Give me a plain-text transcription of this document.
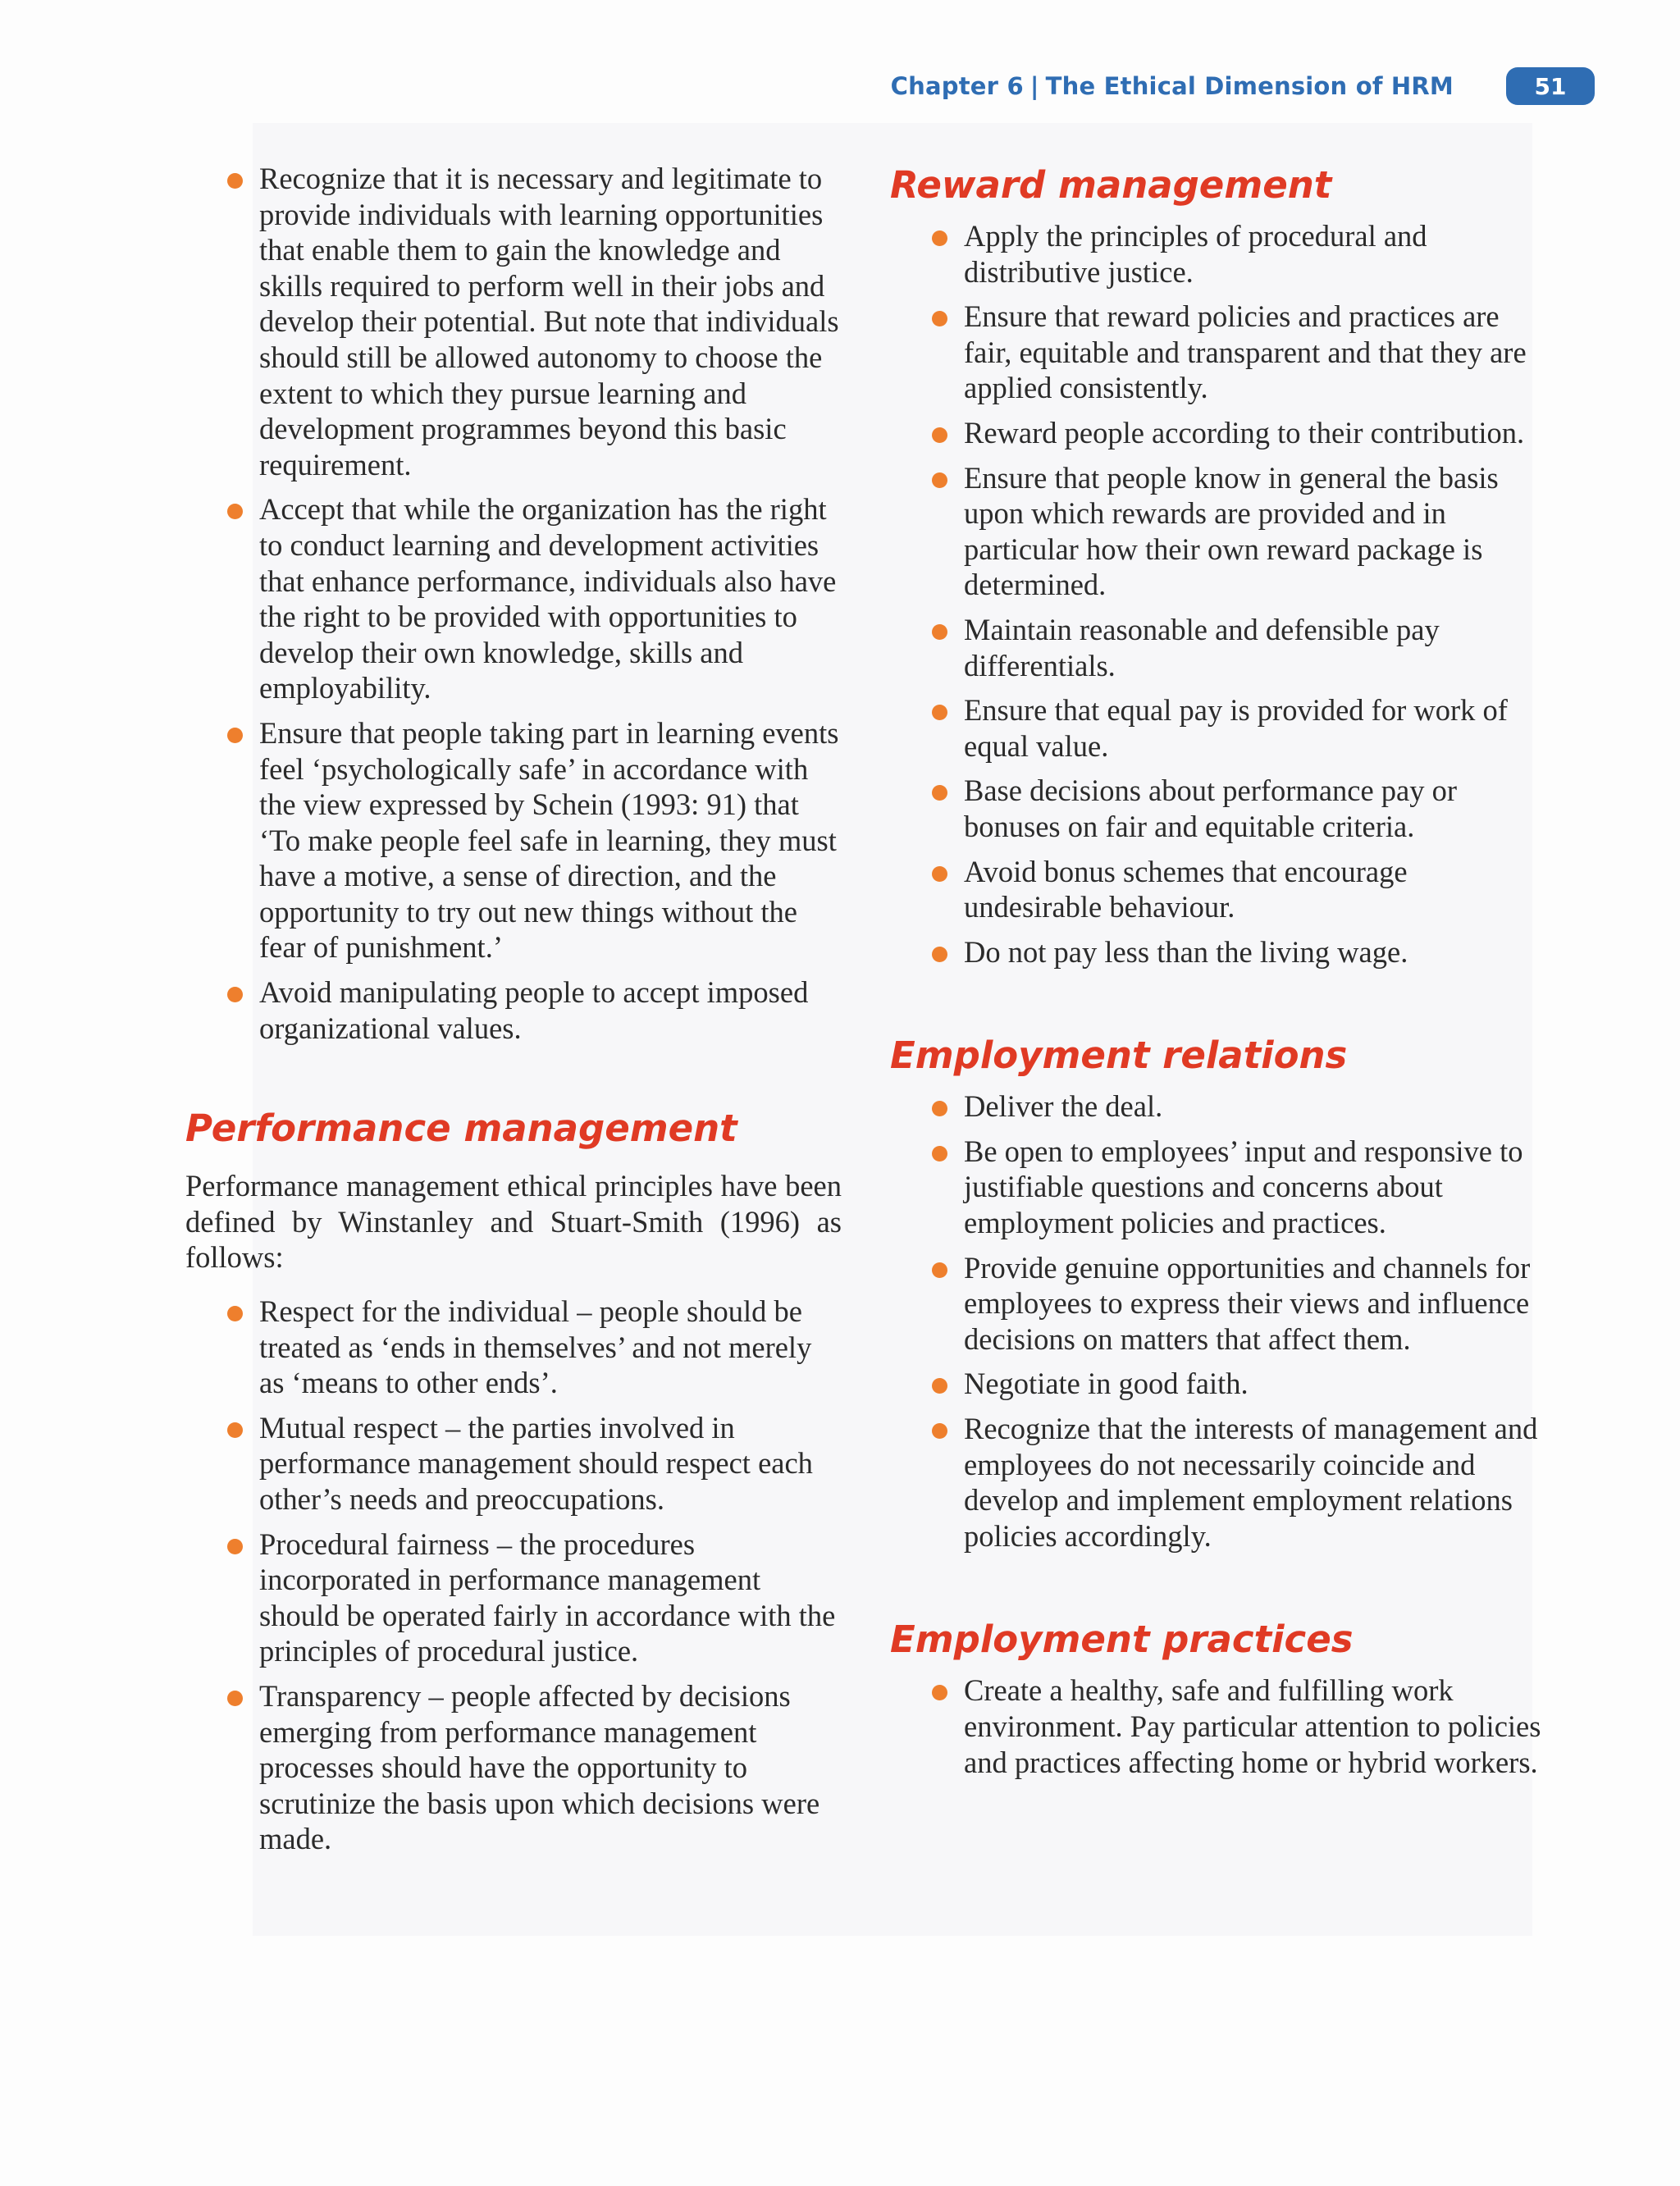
Chapter 6 | The Ethical Dimension of HRM	51
Recognize that it is necessary and legitimate to provide individuals with learning opportunities that enable them to gain the knowledge and skills required to perform well in their jobs and develop their potential. But note that individuals should still be allowed autonomy to choose the extent to which they pursue learning and development programmes beyond this basic requirement.
Accept that while the organization has the right to conduct learning and development activities that enhance performance, individuals also have the right to be provided with opportunities to develop their own knowledge, skills and employability.
Ensure that people taking part in learning events feel ‘psychologically safe’ in accordance with the view expressed by Schein (1993: 91) that ‘To make people feel safe in learning, they must have a motive, a sense of direction, and the opportunity to try out new things without the fear of punishment.’
Avoid manipulating people to accept imposed organizational values.
Performance management

Performance management ethical principles have been defined by Winstanley and Stuart-Smith (1996) as follows:

Respect for the individual – people should be treated as ‘ends in themselves’ and not merely as ‘means to other ends’.
Mutual respect – the parties involved in performance management should respect each other’s needs and preoccupations.
Procedural fairness – the procedures incorporated in performance management should be operated fairly in accordance with the principles of procedural justice.
Transparency – people affected by decisions emerging from performance management processes should have the opportunity to scrutinize the basis upon which decisions were made.
Reward management
Apply the principles of procedural and distributive justice.
Ensure that reward policies and practices are fair, equitable and transparent and that they are applied consistently.
Reward people according to their contribution.
Ensure that people know in general the basis upon which rewards are provided and in particular how their own reward package is determined.
Maintain reasonable and defensible pay differentials.
Ensure that equal pay is provided for work of equal value.
Base decisions about performance pay or bonuses on fair and equitable criteria.
Avoid bonus schemes that encourage undesirable behaviour.
Do not pay less than the living wage.
Employment relations
Deliver the deal.
Be open to employees’ input and responsive to justifiable questions and concerns about employment policies and practices.
Provide genuine opportunities and channels for employees to express their views and influence decisions on matters that affect them.
Negotiate in good faith.
Recognize that the interests of management and employees do not necessarily coincide and develop and implement employment relations policies accordingly.
Employment practices
Create a healthy, safe and fulfilling work environment. Pay particular attention to policies and practices affecting home or hybrid workers.
